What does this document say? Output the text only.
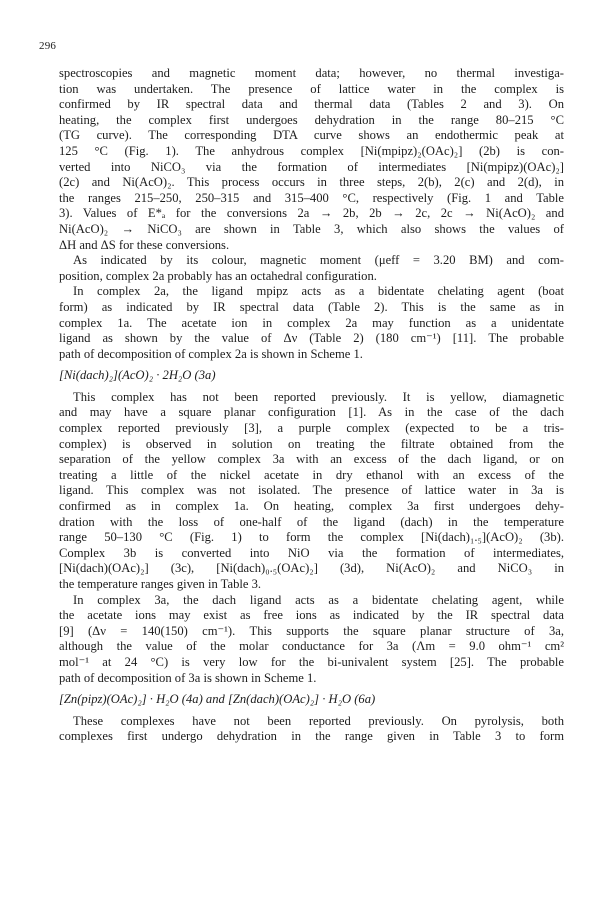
296

spectroscopies and magnetic moment data; however, no thermal investiga-
tion was undertaken. The presence of lattice water in the complex is
confirmed by IR spectral data and thermal data (Tables 2 and 3). On
heating, the complex first undergoes dehydration in the range 80–215 °C
(TG curve). The corresponding DTA curve shows an endothermic peak at
125 °C (Fig. 1). The anhydrous complex [Ni(mpipz)₂(OAc)₂] (2b) is con-
verted into NiCO₃ via the formation of intermediates [Ni(mpipz)(OAc)₂]
(2c) and Ni(AcO)₂. This process occurs in three steps, 2(b), 2(c) and 2(d), in
the ranges 215–250, 250–315 and 315–400 °C, respectively (Fig. 1 and Table
3). Values of E*ₐ for the conversions 2a → 2b, 2b → 2c, 2c → Ni(AcO)₂ and
Ni(AcO)₂ → NiCO₃ are shown in Table 3, which also shows the values of
ΔH and ΔS for these conversions.

As indicated by its colour, magnetic moment (μeff = 3.20 BM) and com-
position, complex 2a probably has an octahedral configuration.

In complex 2a, the ligand mpipz acts as a bidentate chelating agent (boat
form) as indicated by IR spectral data (Table 2). This is the same as in
complex 1a. The acetate ion in complex 2a may function as a unidentate
ligand as shown by the value of Δν (Table 2) (180 cm⁻¹) [11]. The probable
path of decomposition of complex 2a is shown in Scheme 1.

[Ni(dach)₂](AcO)₂ · 2H₂O (3a)

This complex has not been reported previously. It is yellow, diamagnetic
and may have a square planar configuration [1]. As in the case of the dach
complex reported previously [3], a purple complex (expected to be a tris-
complex) is observed in solution on treating the filtrate obtained from the
separation of the yellow complex 3a with an excess of the dach ligand, or on
treating a little of the nickel acetate in dry ethanol with an excess of the
ligand. This complex was not isolated. The presence of lattice water in 3a is
confirmed as in complex 1a. On heating, complex 3a first undergoes dehy-
dration with the loss of one-half of the ligand (dach) in the temperature
range 50–130 °C (Fig. 1) to form the complex [Ni(dach)₁.₅](AcO)₂ (3b).
Complex 3b is converted into NiO via the formation of intermediates,
[Ni(dach)(OAc)₂] (3c), [Ni(dach)₀.₅(OAc)₂] (3d), Ni(AcO)₂ and NiCO₃ in
the temperature ranges given in Table 3.

In complex 3a, the dach ligand acts as a bidentate chelating agent, while
the acetate ions may exist as free ions as indicated by the IR spectral data
[9] (Δν = 140(150) cm⁻¹). This supports the square planar structure of 3a,
although the value of the molar conductance for 3a (Λm = 9.0 ohm⁻¹ cm²
mol⁻¹ at 24 °C) is very low for the bi-univalent system [25]. The probable
path of decomposition of 3a is shown in Scheme 1.

[Zn(pipz)(OAc)₂] · H₂O (4a) and [Zn(dach)(OAc)₂] · H₂O (6a)

These complexes have not been reported previously. On pyrolysis, both
complexes first undergo dehydration in the range given in Table 3 to form
